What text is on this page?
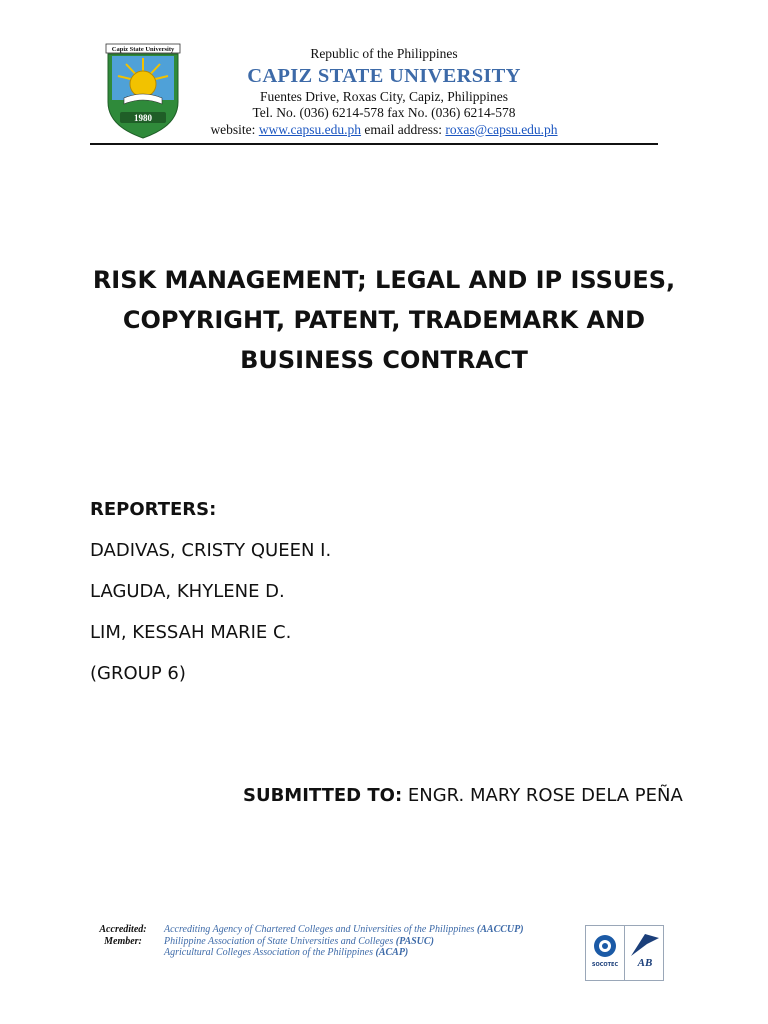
Capiz State University
1980
Republic of the Philippines
CAPIZ STATE UNIVERSITY
Fuentes Drive, Roxas City, Capiz, Philippines
Tel. No. (036) 6214-578 fax No. (036) 6214-578
website: www.capsu.edu.ph email address: roxas@capsu.edu.ph
RISK MANAGEMENT; LEGAL AND IP ISSUES,
COPYRIGHT, PATENT, TRADEMARK AND
BUSINESS CONTRACT
REPORTERS:
DADIVAS, CRISTY QUEEN I.
LAGUDA, KHYLENE D.
LIM, KESSAH MARIE C.
(GROUP 6)
SUBMITTED TO: ENGR. MARY ROSE DELA PEÑA
Accredited:
Member:
Accrediting Agency of Chartered Colleges and Universities of the Philippines (AACCUP)
Philippine Association of State Universities and Colleges (PASUC)
Agricultural Colleges Association of the Philippines (ACAP)
SOCOTEC AB
